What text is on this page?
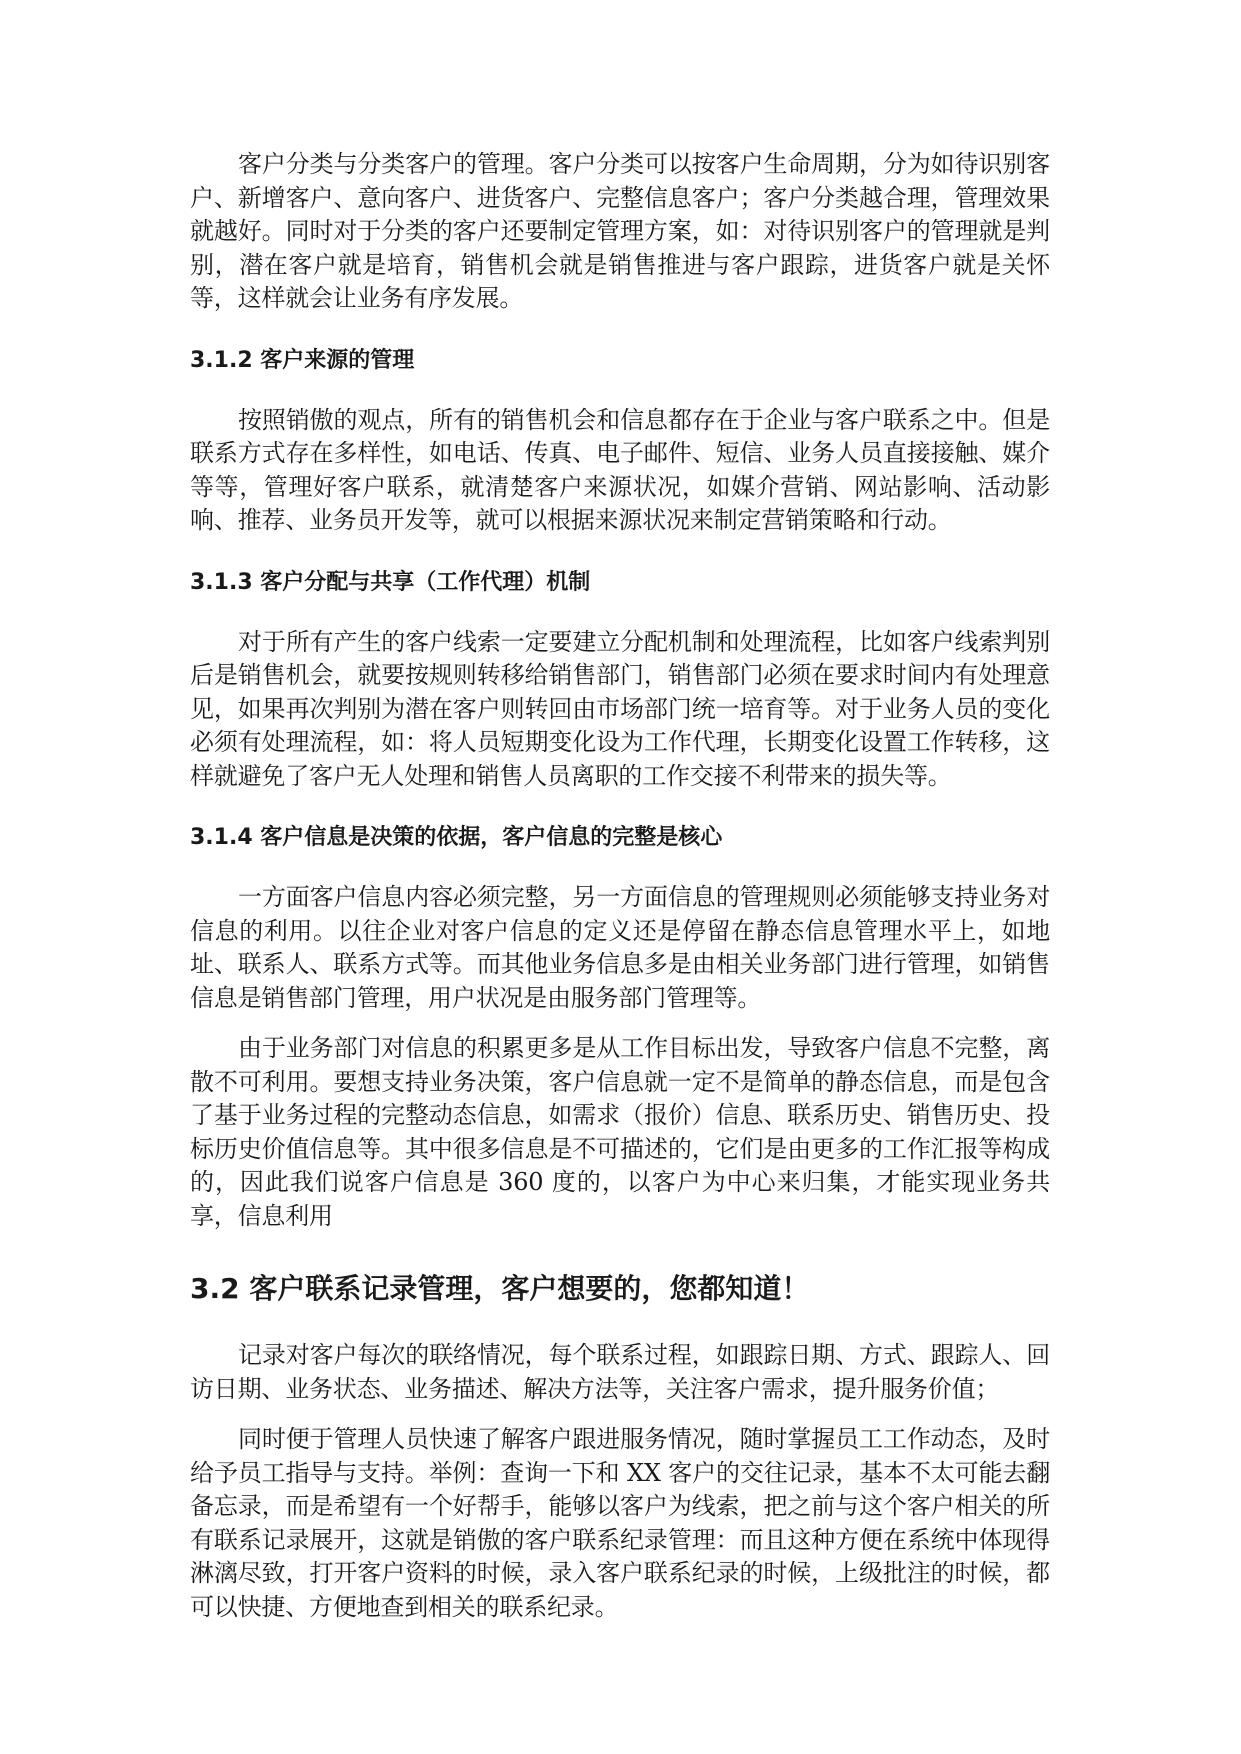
客户分类与分类客户的管理。客户分类可以按客户生命周期，分为如待识别客户、新增客户、意向客户、进货客户、完整信息客户；客户分类越合理，管理效果就越好。同时对于分类的客户还要制定管理方案，如：对待识别客户的管理就是判别，潜在客户就是培育，销售机会就是销售推进与客户跟踪，进货客户就是关怀等，这样就会让业务有序发展。

3.1.2 客户来源的管理

按照销傲的观点，所有的销售机会和信息都存在于企业与客户联系之中。但是联系方式存在多样性，如电话、传真、电子邮件、短信、业务人员直接接触、媒介等等，管理好客户联系，就清楚客户来源状况，如媒介营销、网站影响、活动影响、推荐、业务员开发等，就可以根据来源状况来制定营销策略和行动。

3.1.3 客户分配与共享（工作代理）机制

对于所有产生的客户线索一定要建立分配机制和处理流程，比如客户线索判别后是销售机会，就要按规则转移给销售部门，销售部门必须在要求时间内有处理意见，如果再次判别为潜在客户则转回由市场部门统一培育等。对于业务人员的变化必须有处理流程，如：将人员短期变化设为工作代理，长期变化设置工作转移，这样就避免了客户无人处理和销售人员离职的工作交接不利带来的损失等。

3.1.4 客户信息是决策的依据，客户信息的完整是核心

一方面客户信息内容必须完整，另一方面信息的管理规则必须能够支持业务对信息的利用。以往企业对客户信息的定义还是停留在静态信息管理水平上，如地址、联系人、联系方式等。而其他业务信息多是由相关业务部门进行管理，如销售信息是销售部门管理，用户状况是由服务部门管理等。

由于业务部门对信息的积累更多是从工作目标出发，导致客户信息不完整，离散不可利用。要想支持业务决策，客户信息就一定不是简单的静态信息，而是包含了基于业务过程的完整动态信息，如需求（报价）信息、联系历史、销售历史、投标历史价值信息等。其中很多信息是不可描述的，它们是由更多的工作汇报等构成的，因此我们说客户信息是 360 度的，以客户为中心来归集，才能实现业务共享，信息利用

3.2 客户联系记录管理，客户想要的，您都知道！

记录对客户每次的联络情况，每个联系过程，如跟踪日期、方式、跟踪人、回访日期、业务状态、业务描述、解决方法等，关注客户需求，提升服务价值；

同时便于管理人员快速了解客户跟进服务情况，随时掌握员工工作动态，及时给予员工指导与支持。举例：查询一下和 XX 客户的交往记录，基本不太可能去翻备忘录，而是希望有一个好帮手，能够以客户为线索，把之前与这个客户相关的所有联系记录展开，这就是销傲的客户联系纪录管理：而且这种方便在系统中体现得淋漓尽致，打开客户资料的时候，录入客户联系纪录的时候，上级批注的时候，都可以快捷、方便地查到相关的联系纪录。
